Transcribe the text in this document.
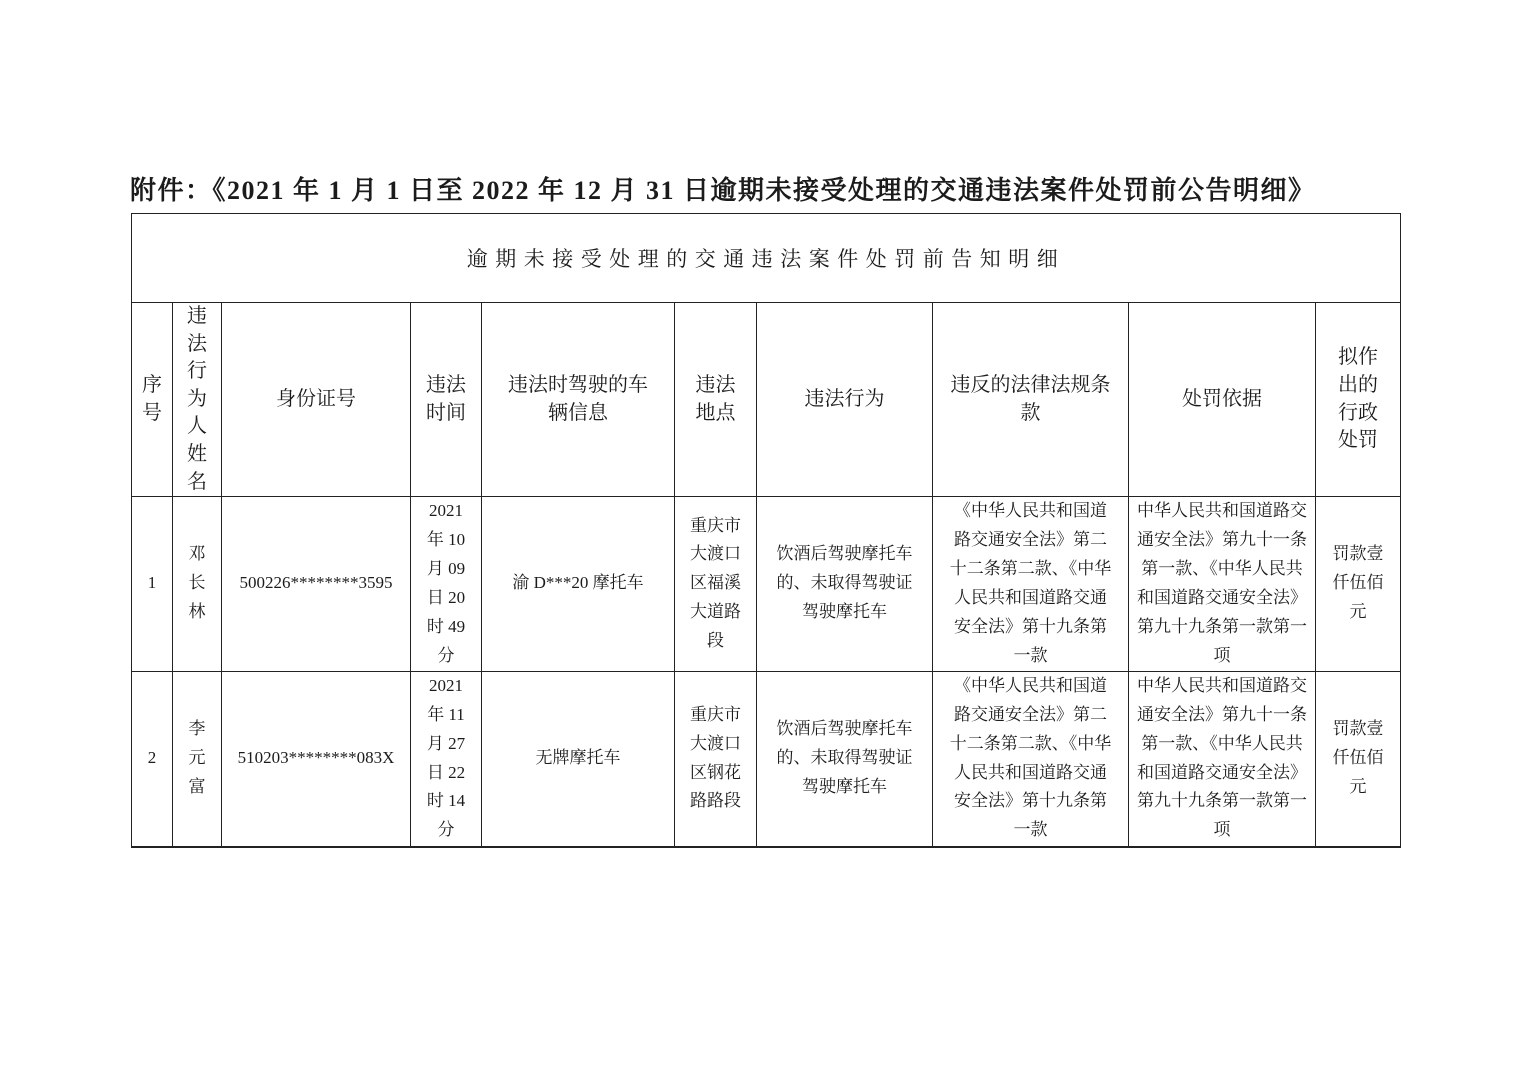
附件：《2021 年 1 月 1 日至 2022 年 12 月 31 日逾期未接受处理的交通违法案件处罚前公告明细》
逾期未接受处理的交通违法案件处罚前告知明细									
序号	违法行为人姓名	身份证号	违法时间	违法时驾驶的车辆信息	违法地点	违法行为	违反的法律法规条款	处罚依据	拟作出的行政处罚
1	邓长林	500226********3595	2021 年 10 月 09 日 20 时 49 分	渝 D***20 摩托车	重庆市大渡口区福溪大道路段	饮酒后驾驶摩托车的、未取得驾驶证驾驶摩托车	《中华人民共和国道路交通安全法》第二十二条第二款、《中华人民共和国道路交通安全法》第十九条第一款	中华人民共和国道路交通安全法》第九十一条第一款、《中华人民共和国道路交通安全法》第九十九条第一款第一项	罚款壹仟伍佰元
2	李元富	510203********083X	2021 年 11 月 27 日 22 时 14 分	无牌摩托车	重庆市大渡口区钢花路路段	饮酒后驾驶摩托车的、未取得驾驶证驾驶摩托车	《中华人民共和国道路交通安全法》第二十二条第二款、《中华人民共和国道路交通安全法》第十九条第一款	中华人民共和国道路交通安全法》第九十一条第一款、《中华人民共和国道路交通安全法》第九十九条第一款第一项	罚款壹仟伍佰元
